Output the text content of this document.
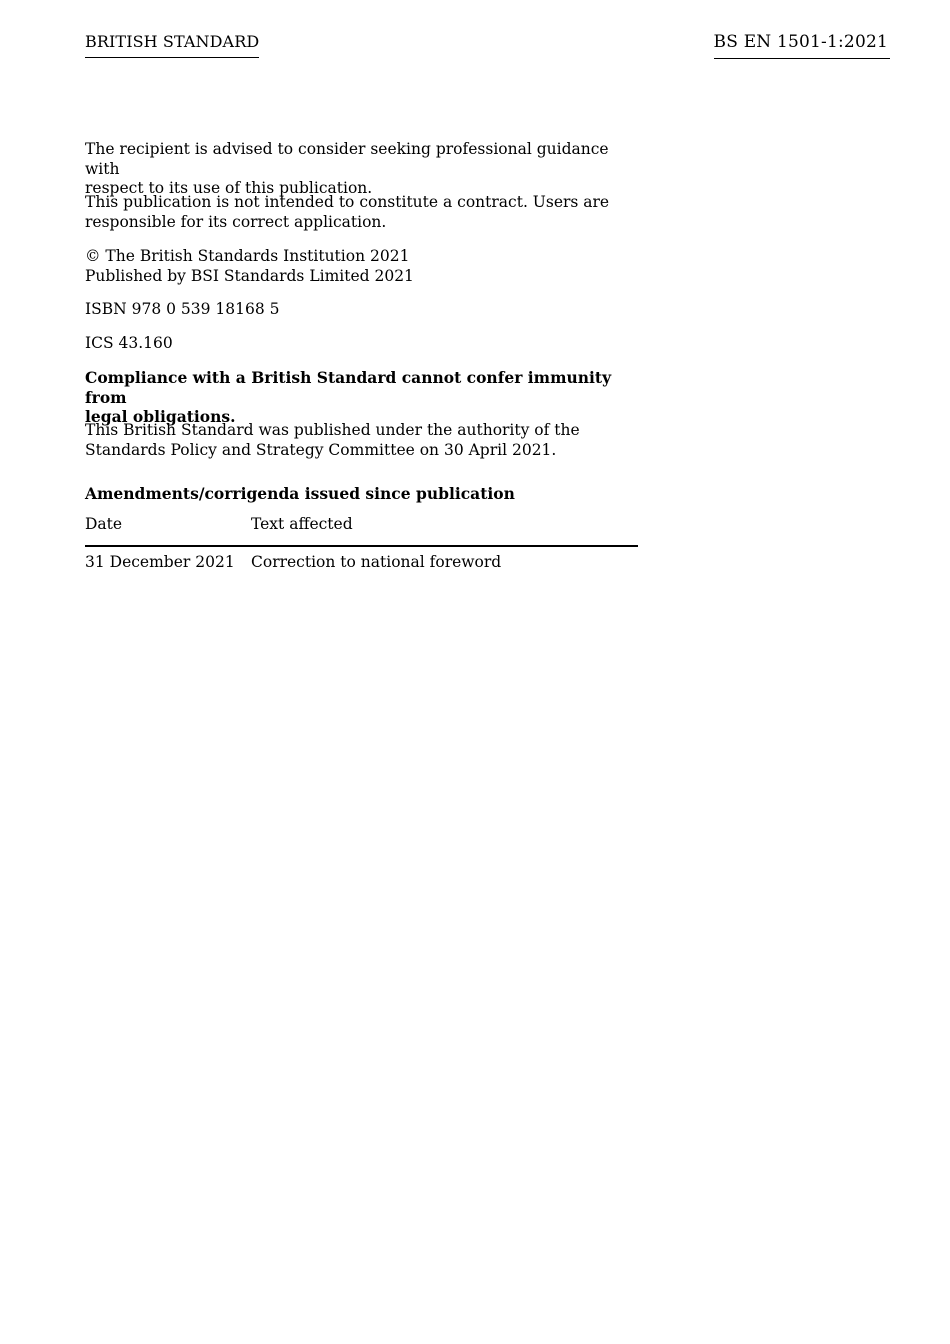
BRITISH STANDARD	BS EN 1501-1:2021

The recipient is advised to consider seeking professional guidance with
respect to its use of this publication.

This publication is not intended to constitute a contract. Users are
responsible for its correct application.

© The British Standards Institution 2021
Published by BSI Standards Limited 2021

ISBN 978 0 539 18168 5

ICS 43.160

Compliance with a British Standard cannot confer immunity from
legal obligations.

This British Standard was published under the authority of the
Standards Policy and Strategy Committee on 30 April 2021.

Amendments/corrigenda issued since publication

Date	Text affected
31 December 2021	Correction to national foreword
